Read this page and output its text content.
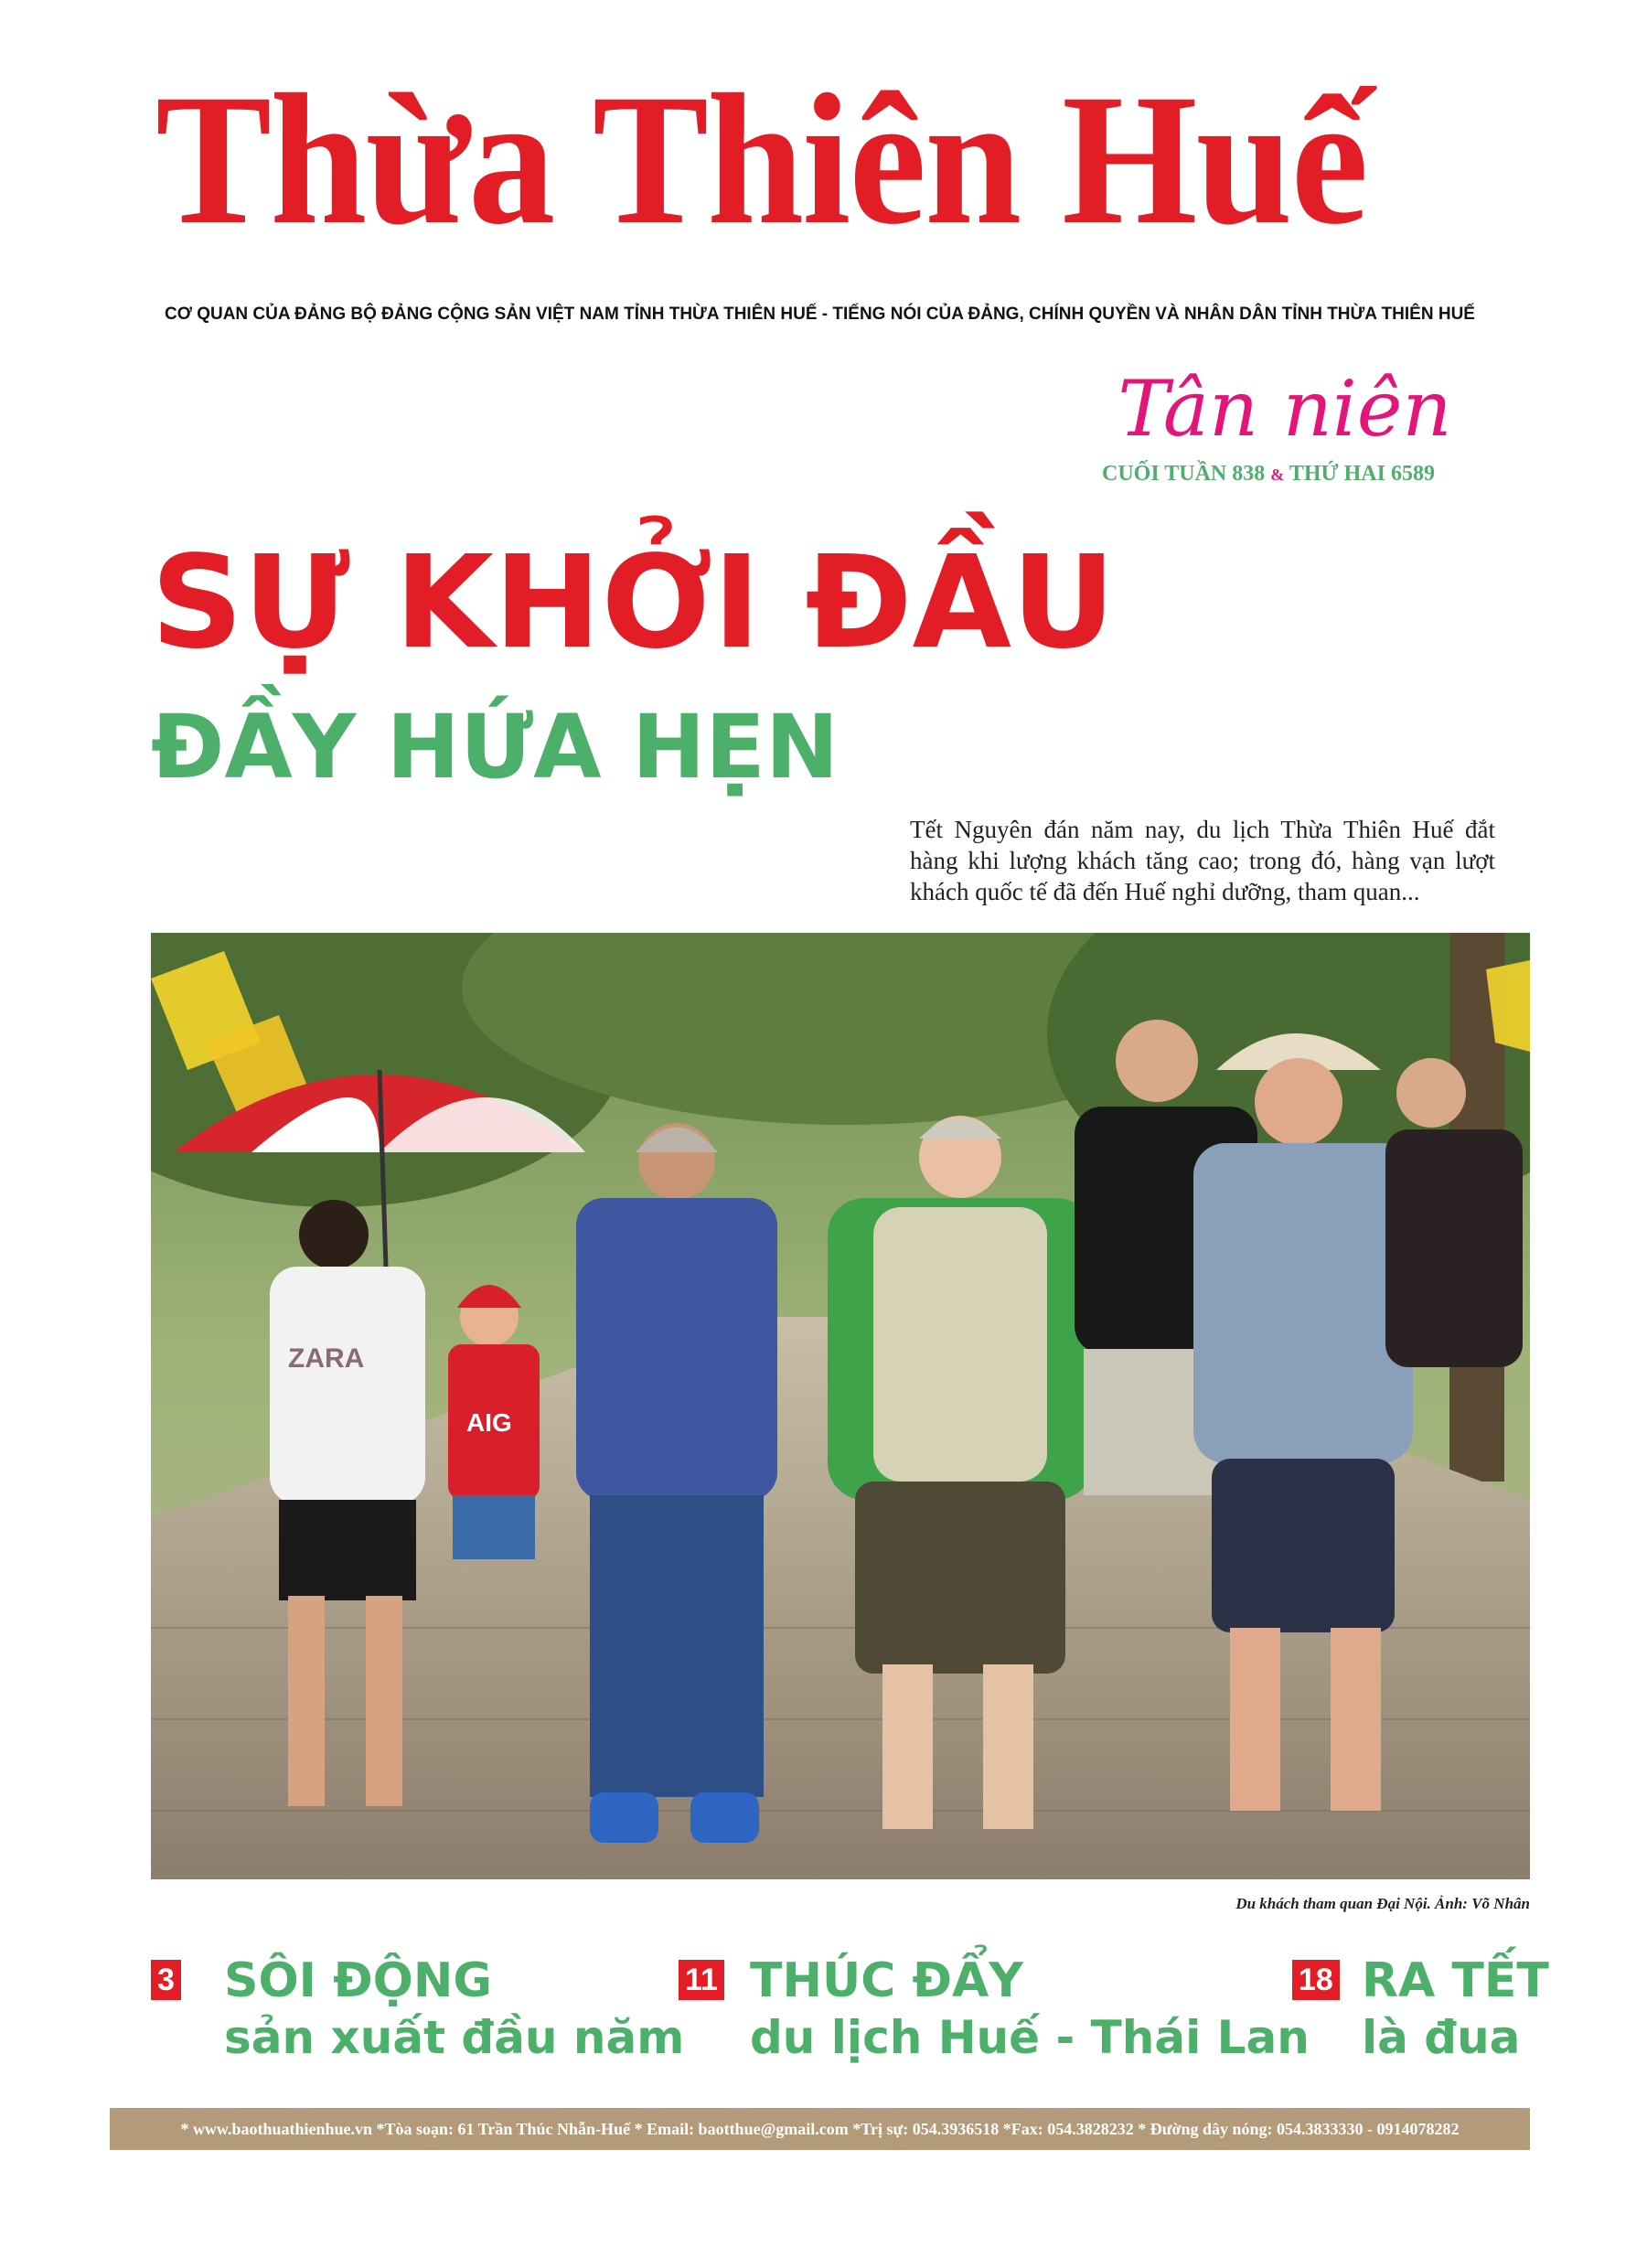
Thừa Thiên Huế
CƠ QUAN CỦA ĐẢNG BỘ ĐẢNG CỘNG SẢN VIỆT NAM TỈNH THỪA THIÊN HUẾ - TIẾNG NÓI CỦA ĐẢNG, CHÍNH QUYỀN VÀ NHÂN DÂN TỈNH THỪA THIÊN HUẾ
Tân niên
CUỐI TUẦN 838 & THỨ HAI 6589
SỰ KHỞI ĐẦU
ĐẦY HỨA HẸN
Tết Nguyên đán năm nay, du lịch Thừa Thiên Huế đắt hàng khi lượng khách tăng cao; trong đó, hàng vạn lượt khách quốc tế đã đến Huế nghỉ dưỡng, tham quan...
ZARA
AIG
Du khách tham quan Đại Nội. Ảnh: Võ Nhân
3 SÔI ĐỘNG
sản xuất đầu năm
11 THÚC ĐẨY
du lịch Huế - Thái Lan
18 RA TẾT
là đua
* www.baothuathienhue.vn *Tòa soạn: 61 Trần Thúc Nhẫn-Huế * Email: baotthue@gmail.com *Trị sự: 054.3936518 *Fax: 054.3828232 * Đường dây nóng: 054.3833330 - 0914078282
